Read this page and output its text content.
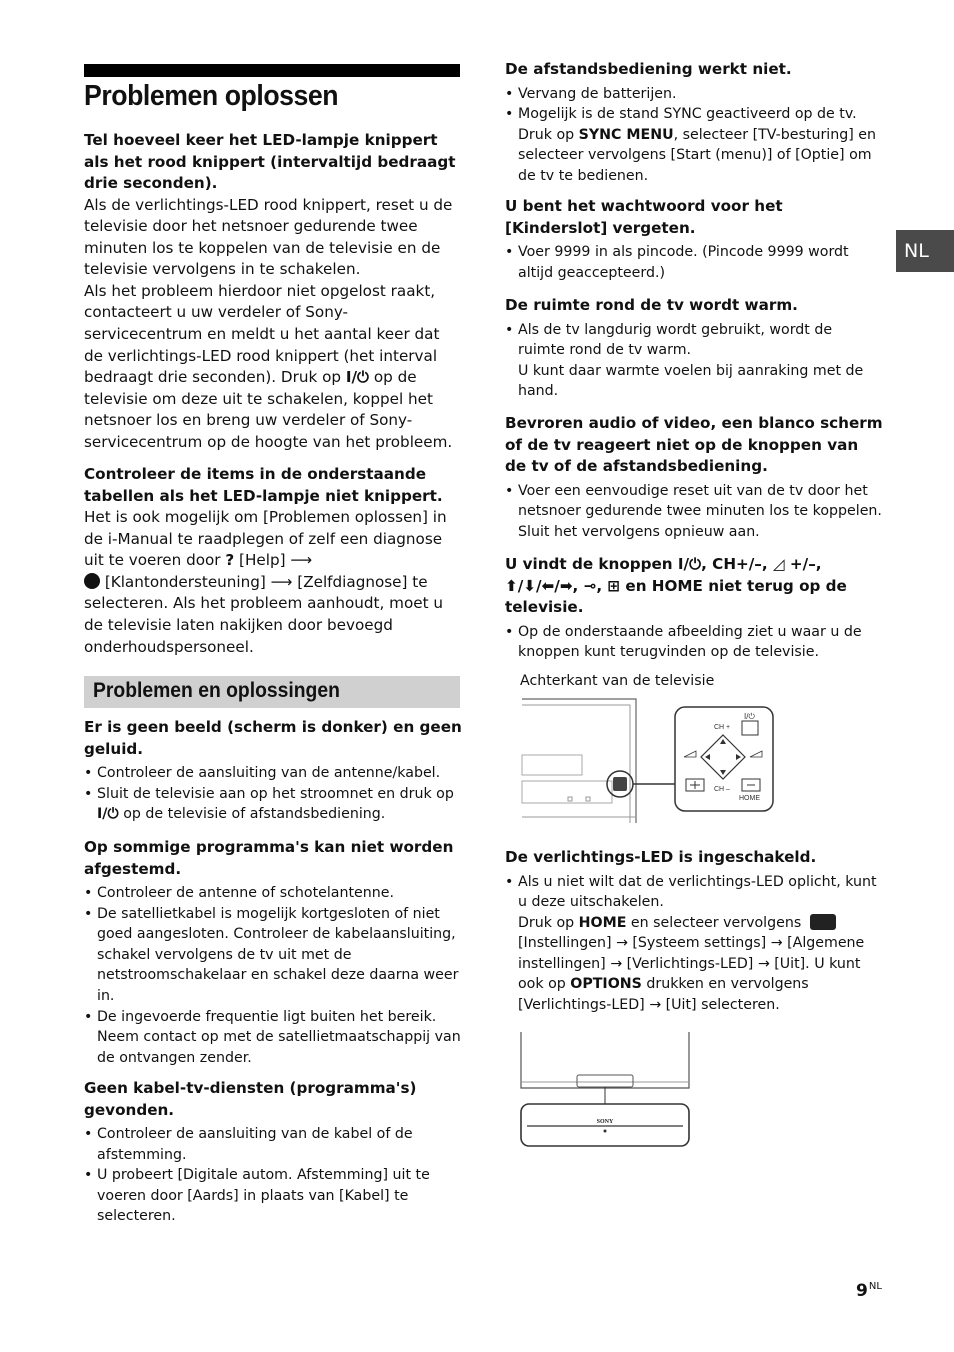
Problemen oplossen
NL

Tel hoeveel keer het LED-lampje knippert als het rood knippert (intervaltijd bedraagt drie seconden).

Als de verlichtings-LED rood knippert, reset u de televisie door het netsnoer gedurende twee minuten los te koppelen van de televisie en de televisie vervolgens in te schakelen.

Als het probleem hierdoor niet opgelost raakt, contacteert u uw verdeler of Sony-servicecentrum en meldt u het aantal keer dat de verlichtings-LED rood knippert (het interval bedraagt drie seconden). Druk op I/⏻ op de televisie om deze uit te schakelen, koppel het netsnoer los en breng uw verdeler of Sony-servicecentrum op de hoogte van het probleem.

Controleer de items in de onderstaande tabellen als het LED-lampje niet knippert.

Het is ook mogelijk om [Problemen oplossen] in de i-Manual te raadplegen of zelf een diagnose uit te voeren door ? [Help] ⟶
[Klantondersteuning] ⟶ [Zelfdiagnose] te selecteren. Als het probleem aanhoudt, moet u de televisie laten nakijken door bevoegd onderhoudspersoneel.

Problemen en oplossingen

Er is geen beeld (scherm is donker) en geen geluid.

• Controleer de aansluiting van de antenne/kabel.
• Sluit de televisie aan op het stroomnet en druk op I/⏻ op de televisie of afstandsbediening.

Op sommige programma's kan niet worden afgestemd.

• Controleer de antenne of schotelantenne.
• De satellietkabel is mogelijk kortgesloten of niet goed aangesloten. Controleer de kabelaansluiting, schakel vervolgens de tv uit met de netstroomschakelaar en schakel deze daarna weer in.
• De ingevoerde frequentie ligt buiten het bereik. Neem contact op met de satellietmaatschappij van de ontvangen zender.

Geen kabel-tv-diensten (programma's) gevonden.

• Controleer de aansluiting van de kabel of de afstemming.
• U probeert [Digitale autom. Afstemming] uit te voeren door [Aards] in plaats van [Kabel] te selecteren.

De afstandsbediening werkt niet.

• Vervang de batterijen.
• Mogelijk is de stand SYNC geactiveerd op de tv. Druk op SYNC MENU, selecteer [TV-besturing] en selecteer vervolgens [Start (menu)] of [Optie] om de tv te bedienen.

U bent het wachtwoord voor het [Kinderslot] vergeten.

• Voer 9999 in als pincode. (Pincode 9999 wordt altijd geaccepteerd.)

De ruimte rond de tv wordt warm.

• Als de tv langdurig wordt gebruikt, wordt de ruimte rond de tv warm.
U kunt daar warmte voelen bij aanraking met de hand.

Bevroren audio of video, een blanco scherm of de tv reageert niet op de knoppen van de tv of de afstandsbediening.

• Voer een eenvoudige reset uit van de tv door het netsnoer gedurende twee minuten los te koppelen. Sluit het vervolgens opnieuw aan.

U vindt de knoppen I/⏻, CH+/–, ◿ +/–,
⬆/⬇/⬅/➡, ⊸, ⊞ en HOME niet terug op de televisie.

• Op de onderstaande afbeelding ziet u waar u de knoppen kunt terugvinden op de televisie.
Achterkant van de televisie
CH +
CH –
I/⏻
HOME

De verlichtings-LED is ingeschakeld.

• Als u niet wilt dat de verlichtings-LED oplicht, kunt u deze uitschakelen.
Druk op HOME en selecteer vervolgens
[Instellingen] → [Systeem settings] → [Algemene instellingen] → [Verlichtings-LED] → [Uit]. U kunt ook op OPTIONS drukken en vervolgens [Verlichtings-LED] → [Uit] selecteren.
SONY
$9^{NL}$
